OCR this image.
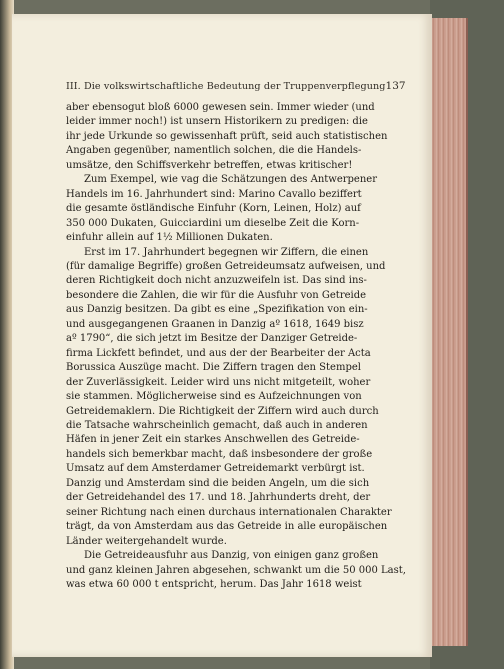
III. Die volkswirtschaftliche Bedeutung der Truppenverpflegung 137

aber ebensogut bloß 6000 gewesen sein. Immer wieder (und
leider immer noch!) ist unsern Historikern zu predigen: die
ihr jede Urkunde so gewissenhaft prüft, seid auch statistischen
Angaben gegenüber, namentlich solchen, die die Handels-
umsätze, den Schiffsverkehr betreffen, etwas kritischer!

Zum Exempel, wie vag die Schätzungen des Antwerpener
Handels im 16. Jahrhundert sind: Marino Cavallo beziffert
die gesamte östländische Einfuhr (Korn, Leinen, Holz) auf
350 000 Dukaten, Guicciardini um dieselbe Zeit die Korn-
einfuhr allein auf 1½ Millionen Dukaten.

Erst im 17. Jahrhundert begegnen wir Ziffern, die einen
(für damalige Begriffe) großen Getreideumsatz aufweisen, und
deren Richtigkeit doch nicht anzuzweifeln ist. Das sind ins-
besondere die Zahlen, die wir für die Ausfuhr von Getreide
aus Danzig besitzen. Da gibt es eine „Spezifikation von ein-
und ausgegangenen Graanen in Danzig aº 1618, 1649 bisz
aº 1790“, die sich jetzt im Besitze der Danziger Getreide-
firma Lickfett befindet, und aus der der Bearbeiter der Acta
Borussica Auszüge macht. Die Ziffern tragen den Stempel
der Zuverlässigkeit. Leider wird uns nicht mitgeteilt, woher
sie stammen. Möglicherweise sind es Aufzeichnungen von
Getreidemaklern. Die Richtigkeit der Ziffern wird auch durch
die Tatsache wahrscheinlich gemacht, daß auch in anderen
Häfen in jener Zeit ein starkes Anschwellen des Getreide-
handels sich bemerkbar macht, daß insbesondere der große
Umsatz auf dem Amsterdamer Getreidemarkt verbürgt ist.
Danzig und Amsterdam sind die beiden Angeln, um die sich
der Getreidehandel des 17. und 18. Jahrhunderts dreht, der
seiner Richtung nach einen durchaus internationalen Charakter
trägt, da von Amsterdam aus das Getreide in alle europäischen
Länder weitergehandelt wurde.

Die Getreideausfuhr aus Danzig, von einigen ganz großen
und ganz kleinen Jahren abgesehen, schwankt um die 50 000 Last,
was etwa 60 000 t entspricht, herum. Das Jahr 1618 weist
